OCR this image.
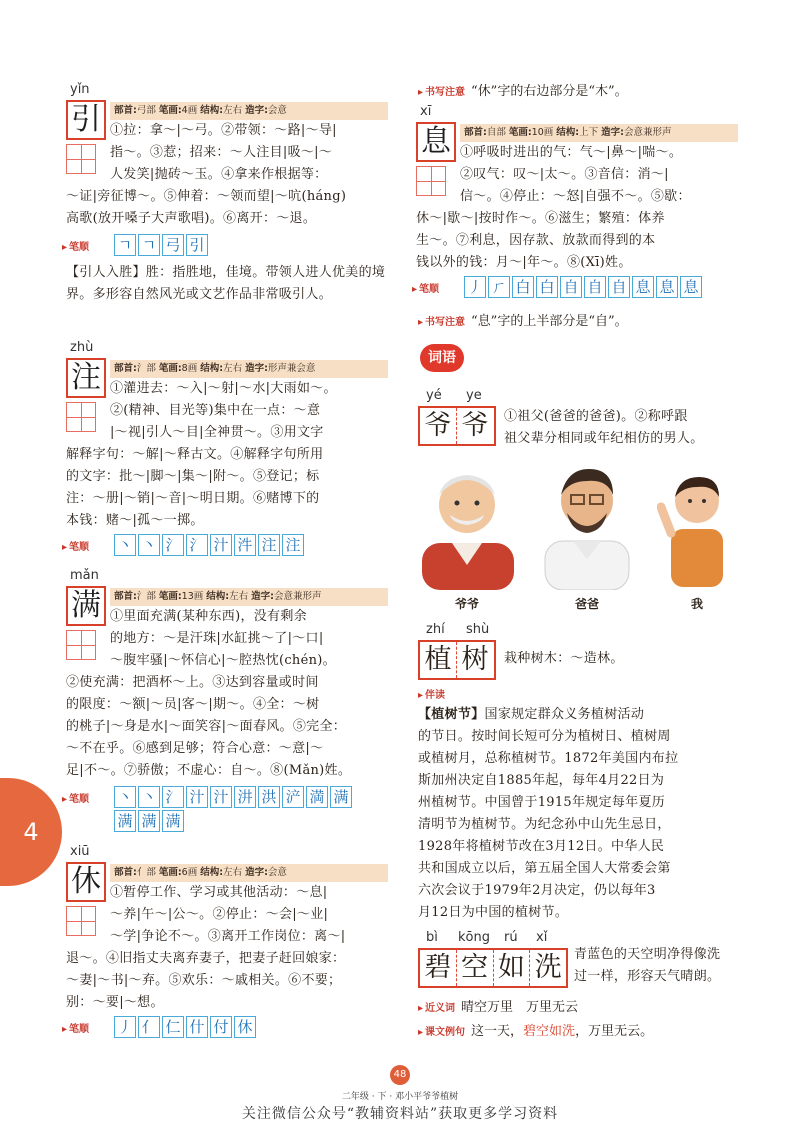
4
yǐn
引	部首:弓部 笔画:4画 结构:左右 造字:会意
①拉：拿～|～弓。②带领：～路|～导|
指～。③惹；招来：～人注目|吸～|～
人发笑|抛砖～玉。④拿来作根据等：
～证|旁征博～。⑤伸着：～领而望|～吭(háng)
高歌(放开嗓子大声歌唱)。⑥离开：～退。
▸ 笔顺	ㄱ ㄱ 弓 引
【引人入胜】胜：指胜地，佳境。带领人进人优美的境界。多形容自然风光或文艺作品非常吸引人。
zhù
注	部首:氵部 笔画:8画 结构:左右 造字:形声兼会意
①灌进去：～入|～射|～水|大雨如～。
②(精神、目光等)集中在一点：～意
|～视|引人～目|全神贯～。③用文字
解释字句：～解|～释古文。④解释字句所用
的文字：批～|脚～|集～|附～。⑤登记；标
注：～册|～销|～音|～明日期。⑥赌博下的
本钱：赌～|孤～一掷。
▸ 笔顺	丶 丶 氵 氵 汁 汼 注 注
mǎn
满	部首:氵部 笔画:13画 结构:左右 造字:会意兼形声
①里面充满(某种东西)，没有剩余
的地方：～是汗珠|水缸挑～了|～口|
～腹牢骚|～怀信心|～腔热忱(chén)。
②使充满：把酒杯～上。③达到容量或时间
的限度：～额|～员|客～|期～。④全：～树
的桃子|～身是水|～面笑容|～面春风。⑤完全：
～不在乎。⑥感到足够；符合心意：～意|～
足|不～。⑦骄傲；不虚心：自～。⑧(Mǎn)姓。
▸ 笔顺	丶 丶 氵 汁 汁 汫 洪 浐 満 满
满 满 满
xiū
休	部首:亻部 笔画:6画 结构:左右 造字:会意
①暂停工作、学习或其他活动：～息|
～养|午～|公～。②停止：～会|～业|
～学|争论不～。③离开工作岗位：离～|
退～。④旧指丈夫离弃妻子，把妻子赶回娘家：
～妻|～书|～弃。⑤欢乐：～戚相关。⑥不要；
别：～要|～想。
▸ 笔顺	丿 亻 仁 什 付 休
▸ 书写注意 “休”字的右边部分是“木”。
xī
息	部首:自部 笔画:10画 结构:上下 造字:会意兼形声
①呼吸时进出的气：气～|鼻～|喘～。
②叹气：叹～|太～。③音信：消～|
信～。④停止：～怒|自强不～。⑤歇：
休～|歇～|按时作～。⑥滋生；繁殖：体养
生～。⑦利息，因存款、放款而得到的本
钱以外的钱：月～|年～。⑧(Xī)姓。
▸ 笔顺	丿 ㄏ 白 白 自 自 自 息 息 息
▸ 书写注意 “息”字的上半部分是“自”。
词语
yé ye
爷 爷	①祖父(爸爸的爸爸)。②称呼跟
祖父辈分相同或年纪相仿的男人。
爷爷	爸爸	我
zhí shù
植 树	栽种树木：～造林。
▸ 伴读
【植树节】国家规定群众义务植树活动
的节日。按时间长短可分为植树日、植树周
或植树月，总称植树节。1872年美国内布拉
斯加州决定自1885年起，每年4月22日为
州植树节。中国曾于1915年规定每年夏历
清明节为植树节。为纪念孙中山先生忌日，
1928年将植树节改在3月12日。中华人民
共和国成立以后，第五届全国人大常委会第
六次会议于1979年2月决定，仍以每年3
月12日为中国的植树节。
bì kōng rú xǐ
碧 空 如 洗 青蓝色的天空明净得像洗
过一样，形容天气晴朗。
▸ 近义词 晴空万里　万里无云
▸ 课文例句 这一天，碧空如洗，万里无云。
48
二年级 · 下 · 邓小平爷爷植树
关注微信公众号“教辅资料站”获取更多学习资料
